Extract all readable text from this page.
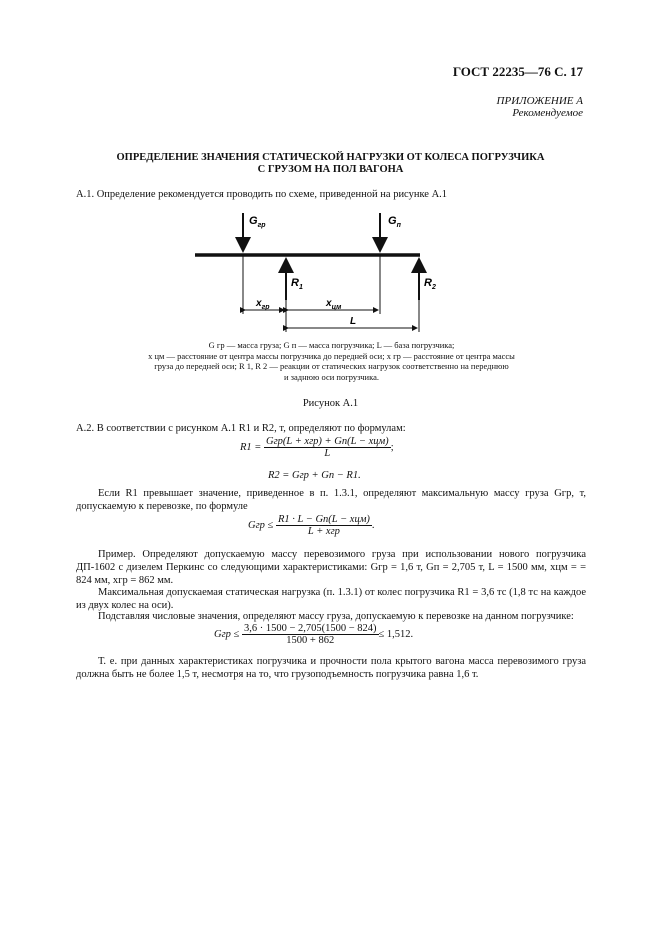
ГОСТ 22235—76 С. 17
ПРИЛОЖЕНИЕ А
Рекомендуемое
ОПРЕДЕЛЕНИЕ ЗНАЧЕНИЯ СТАТИЧЕСКОЙ НАГРУЗКИ ОТ КОЛЕСА ПОГРУЗЧИКА
С ГРУЗОМ НА ПОЛ ВАГОНА
А.1. Определение рекомендуется проводить по схеме, приведенной на рисунке А.1
$G_{гр}$	$G_п$
$R_1$	$R_2$
$x_{гр}$	$x_{цм}$
L
G гр — масса груза; G п — масса погрузчика; L — база погрузчика;
x цм — расстояние от центра массы погрузчика до передней оси; x гр — расстояние от центра массы
груза до передней оси; R 1, R 2 — реакции от статических нагрузок соответственно на переднюю
и заднюю оси погрузчика.
Рисунок А.1
А.2. В соответствии с рисунком А.1 R1 и R2, т, определяют по формулам:
$R1 = \frac{\text{Gгр(L + xгр) + Gп(L − xцм)}}{L}$ ;
R2 = Gгр + Gп − R1.
Если R1 превышает значение, приведенное в п. 1.3.1, определяют максимальную массу груза Gгр, т, допускаемую к перевозке, по формуле
Gгр ≤ $\frac{\text{R1 · L − Gп(L − xцм)}}{\text{L + xгр}}$ .
Пример. Определяют допускаемую массу перевозимого груза при использовании нового погрузчика ДП-1602 с дизелем Перкинс со следующими характеристиками: Gгр = 1,6 т, Gп = 2,705 т, L = 1500 мм, xцм = = 824 мм, xгр = 862 мм.
Максимальная допускаемая статическая нагрузка (п. 1.3.1) от колес погрузчика R1 = 3,6 тс (1,8 тс на каждое из двух колес на оси).
Подставляя числовые значения, определяют массу груза, допускаемую к перевозке на данном погрузчике:
Gгр ≤ $\frac{3,6 \cdot 1500 - 2,705(1500 - 824)}{1500 + 862} \le 1,512$.
Т. е. при данных характеристиках погрузчика и прочности пола крытого вагона масса перевозимого груза должна быть не более 1,5 т, несмотря на то, что грузоподъемность погрузчика равна 1,6 т.
